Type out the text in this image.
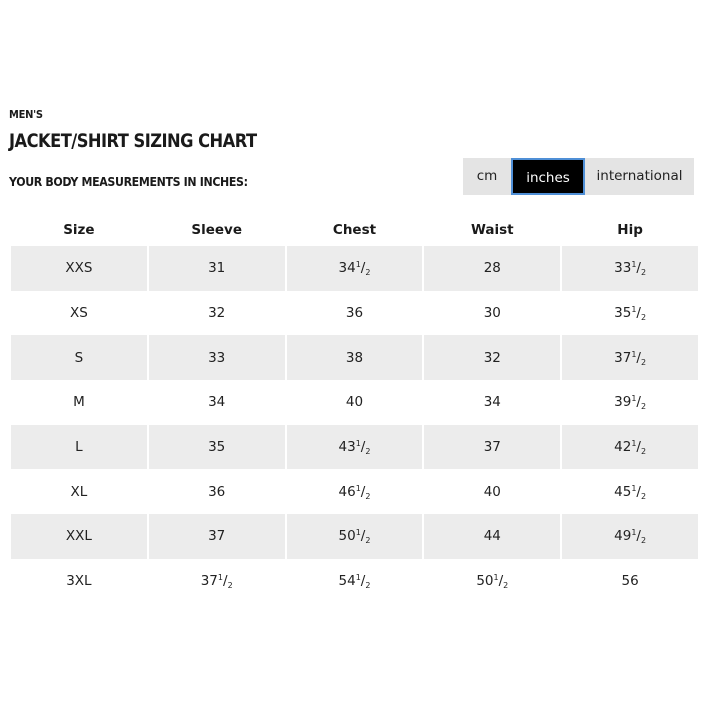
MEN'S
JACKET/SHIRT SIZING CHART
YOUR BODY MEASUREMENTS IN INCHES:	cm	inches	international
Size	Sleeve	Chest	Waist	Hip
XXS	31	$34^1/_2$	28	$33^1/_2$
XS	32	36	30	$35^1/_2$
S	33	38	32	$37^1/_2$
M	34	40	34	$39^1/_2$
L	35	$43^1/_2$	37	$42^1/_2$
XL	36	$46^1/_2$	40	$45^1/_2$
XXL	37	$50^1/_2$	44	$49^1/_2$
3XL	$37^1/_2$	$54^1/_2$	$50^1/_2$	56
